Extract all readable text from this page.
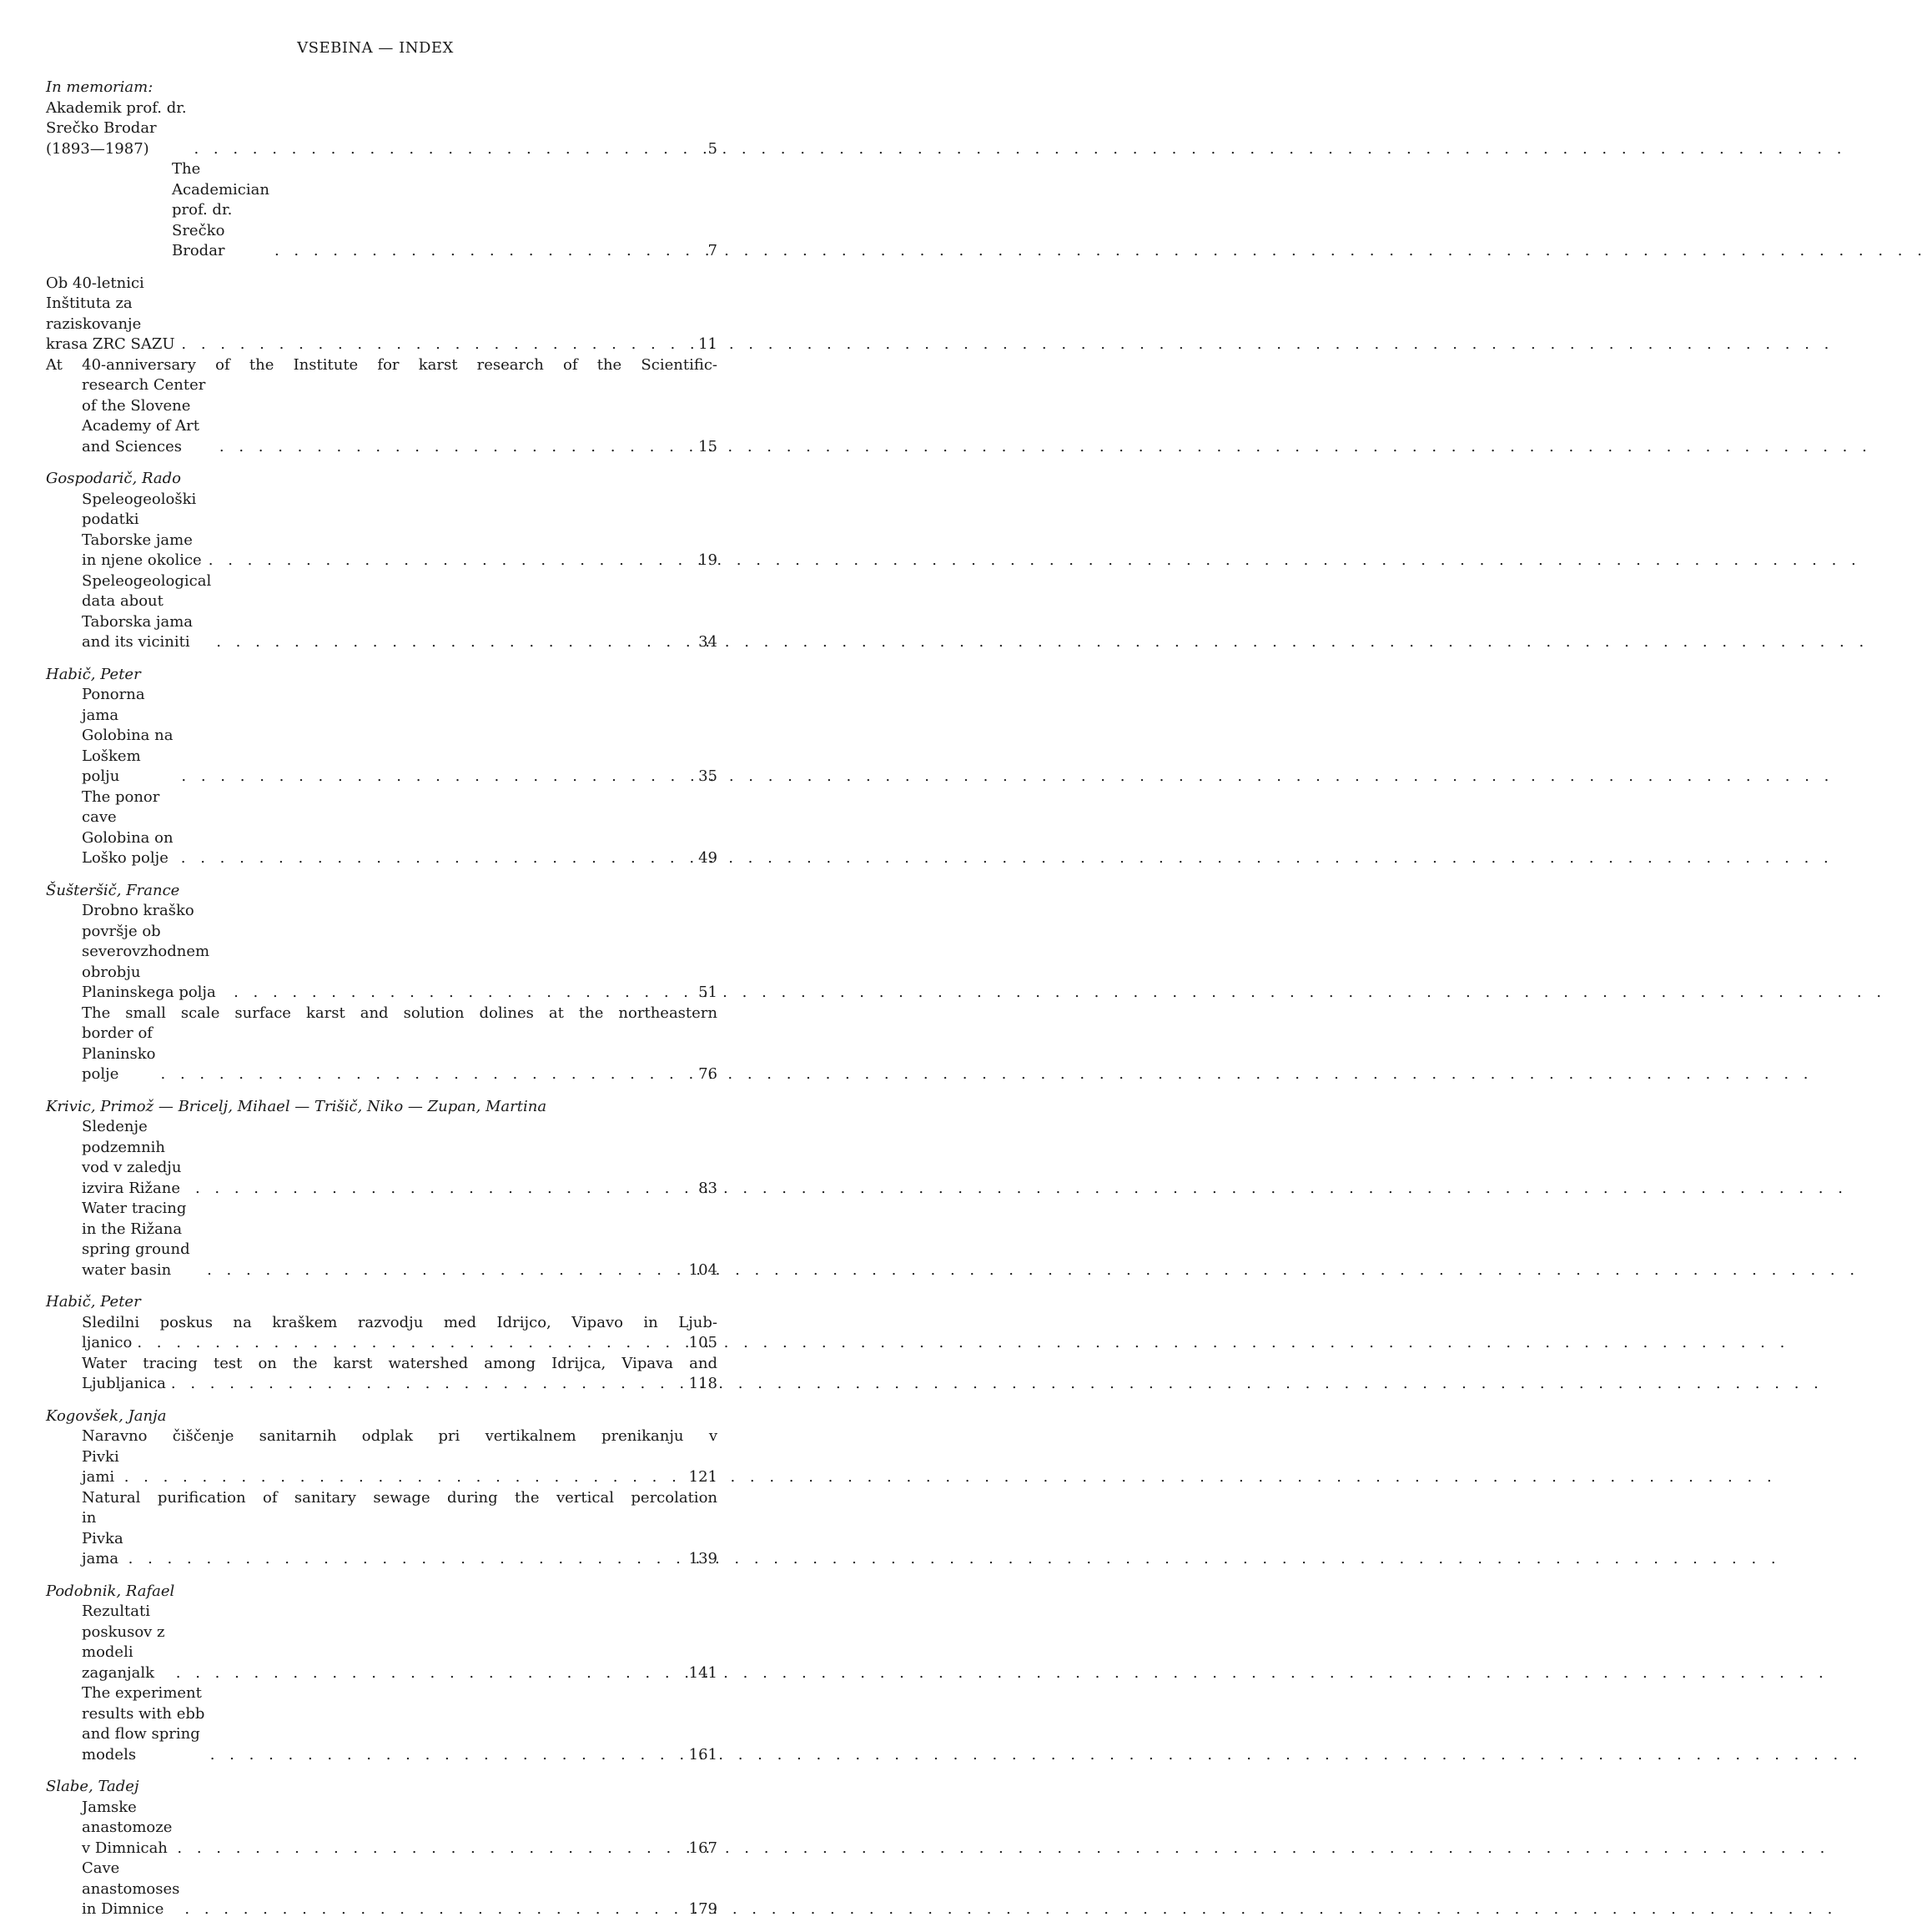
VSEBINA — INDEX
In memoriam: Akademik prof. dr. Srečko Brodar (1893—1987) . . .	5
The Academician prof. dr. Srečko Brodar . . .	7
Ob 40-letnici Inštituta za raziskovanje krasa ZRC SAZU . . .	11
At 40-anniversary of the Institute for karst research of the Scientific-
research Center of the Slovene Academy of Art and Sciences . . .	15
Gospodarič, Rado
Speleogeološki podatki Taborske jame in njene okolice . . .	19
Speleogeological data about Taborska jama and its viciniti . . .	34
Habič, Peter
Ponorna jama Golobina na Loškem polju . . .	35
The ponor cave Golobina on Loško polje . . .	49
Šušteršič, France
Drobno kraško površje ob severovzhodnem obrobju Planinskega polja . . .	51
The small scale surface karst and solution dolines at the northeastern
border of Planinsko polje . . .	76
Krivic, Primož — Bricelj, Mihael — Trišič, Niko — Zupan, Martina
Sledenje podzemnih vod v zaledju izvira Rižane . . .	83
Water tracing in the Rižana spring ground water basin . . .	104
Habič, Peter
Sledilni poskus na kraškem razvodju med Idrijco, Vipavo in Ljub-
ljanico . . .	105
Water tracing test on the karst watershed among Idrijca, Vipava and
Ljubljanica . . .	118
Kogovšek, Janja
Naravno čiščenje sanitarnih odplak pri vertikalnem prenikanju v
Pivki jami . . .	121
Natural purification of sanitary sewage during the vertical percolation
in Pivka jama . . .	139
Podobnik, Rafael
Rezultati poskusov z modeli zaganjalk . . .	141
The experiment results with ebb and flow spring models . . .	161
Slabe, Tadej
Jamske anastomoze v Dimnicah . . .	167
Cave anastomoses in Dimnice . . .	179
